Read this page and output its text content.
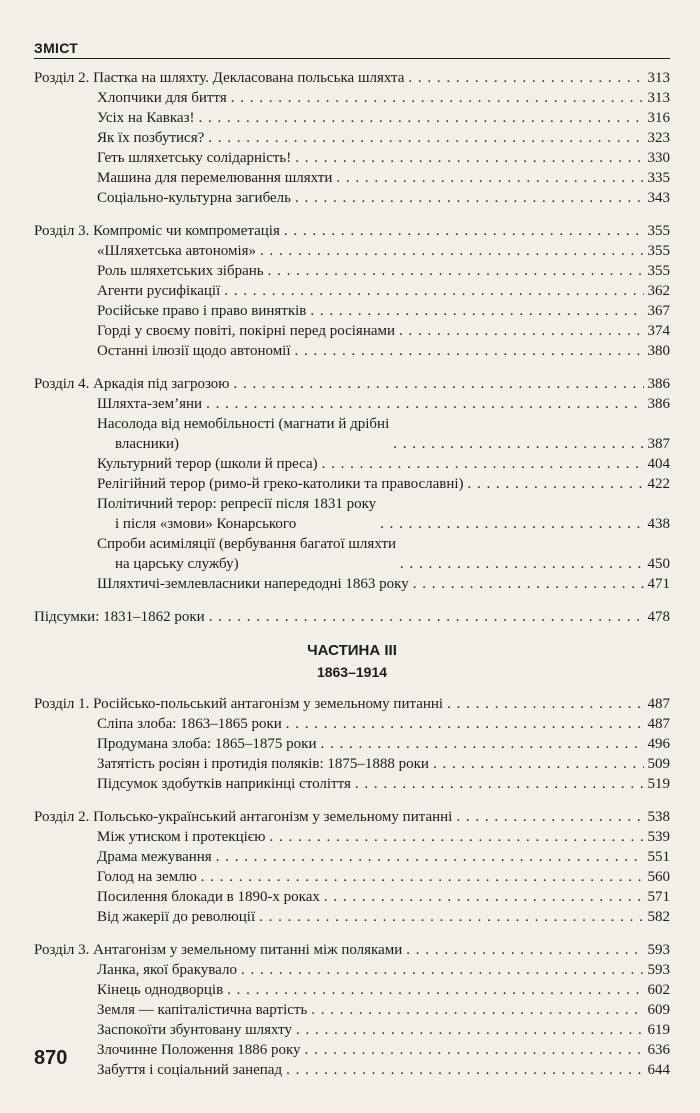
ЗМІСТ
Розділ 2. Пастка на шляхту. Декласована польська шляхта . . .	313
Хлопчики для биття . . .	313
Усіх на Кавказ! . . .	316
Як їх позбутися? . . .	323
Геть шляхетську солідарність! . . .	330
Машина для перемелювання шляхти . . .	335
Соціально-культурна загибель . . .	343
Розділ 3. Компроміс чи компрометація . . .	355
«Шляхетська автономія» . . .	355
Роль шляхетських зібрань . . .	355
Агенти русифікації . . .	362
Російське право і право винятків . . .	367
Горді у своєму повіті, покірні перед росіянами . . .	374
Останні ілюзії щодо автономії . . .	380
Розділ 4. Аркадія під загрозою . . .	386
Шляхта-зем’яни . . .	386
Насолода від немобільності (магнати й дрібні
власники) . . .	387
Культурний терор (школи й преса) . . .	404
Релігійний терор (римо-й греко-католики та православні) . . .	422
Політичний терор: репресії після 1831 року
і після «змови» Конарського . . .	438
Спроби асиміляції (вербування багатої шляхти
на царську службу) . . .	450
Шляхтичі-землевласники напередодні 1863 року . . .	471
Підсумки: 1831–1862 роки . . .	478
ЧАСТИНА III
1863–1914
Розділ 1. Російсько-польський антагонізм у земельному питанні . . .	487
Сліпа злоба: 1863–1865 роки . . .	487
Продумана злоба: 1865–1875 роки . . .	496
Затятість росіян і протидія поляків: 1875–1888 роки . . .	509
Підсумок здобутків наприкінці століття . . .	519
Розділ 2. Польсько-український антагонізм у земельному питанні . . .	538
Між утиском і протекцією . . .	539
Драма межування . . .	551
Голод на землю . . .	560
Посилення блокади в 1890-х роках . . .	571
Від жакерії до революції . . .	582
Розділ 3. Антагонізм у земельному питанні між поляками . . .	593
Ланка, якої бракувало . . .	593
Кінець однодворців . . .	602
Земля — капіталістична вартість . . .	609
Заспокоїти збунтовану шляхту . . .	619
Злочинне Положення 1886 року . . .	636
Забуття і соціальний занепад . . .	644
870
